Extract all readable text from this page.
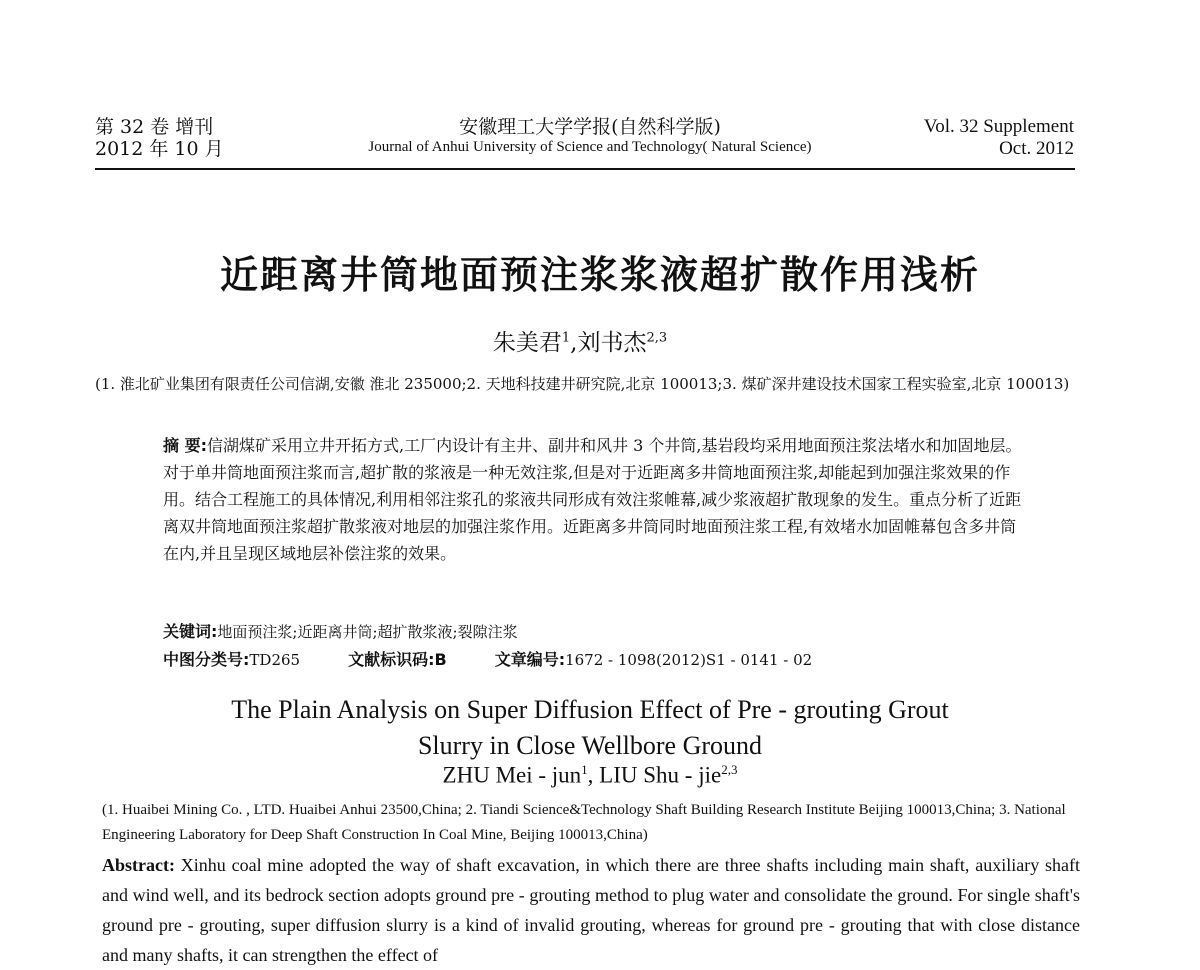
第 32 卷 增刊
2012 年 10 月
安徽理工大学学报(自然科学版)
Journal of Anhui University of Science and Technology( Natural Science)
Vol. 32 Supplement
Oct. 2012
近距离井筒地面预注浆浆液超扩散作用浅析
朱美君$^1$,刘书杰$^{2,3}$
(1. 淮北矿业集团有限责任公司信湖,安徽 淮北 235000;2. 天地科技建井研究院,北京 100013;3. 煤矿深井建设技术国家工程实验室,北京 100013)
摘 要:信湖煤矿采用立井开拓方式,工厂内设计有主井、副井和风井 3 个井筒,基岩段均采用地面预注浆法堵水和加固地层。对于单井筒地面预注浆而言,超扩散的浆液是一种无效注浆,但是对于近距离多井筒地面预注浆,却能起到加强注浆效果的作用。结合工程施工的具体情况,利用相邻注浆孔的浆液共同形成有效注浆帷幕,减少浆液超扩散现象的发生。重点分析了近距离双井筒地面预注浆超扩散浆液对地层的加强注浆作用。近距离多井筒同时地面预注浆工程,有效堵水加固帷幕包含多井筒在内,并且呈现区域地层补偿注浆的效果。
关键词:地面预注浆;近距离井筒;超扩散浆液;裂隙注浆
中图分类号:TD265	文献标识码:B	文章编号:1672 - 1098(2012)S1 - 0141 - 02
The Plain Analysis on Super Diffusion Effect of Pre - grouting Grout
Slurry in Close Wellbore Ground
ZHU Mei - jun$^1$, LIU Shu - jie$^{2,3}$
(1. Huaibei Mining Co. , LTD. Huaibei Anhui 23500,China; 2. Tiandi Science&Technology Shaft Building Research Institute Beijing 100013,China; 3. National Engineering Laboratory for Deep Shaft Construction In Coal Mine, Beijing 100013,China)
Abstract: Xinhu coal mine adopted the way of shaft excavation, in which there are three shafts including main shaft, auxiliary shaft and wind well, and its bedrock section adopts ground pre - grouting method to plug water and consolidate the ground. For single shaft's ground pre - grouting, super diffusion slurry is a kind of invalid grouting, whereas for ground pre - grouting that with close distance and many shafts, it can strengthen the effect of
